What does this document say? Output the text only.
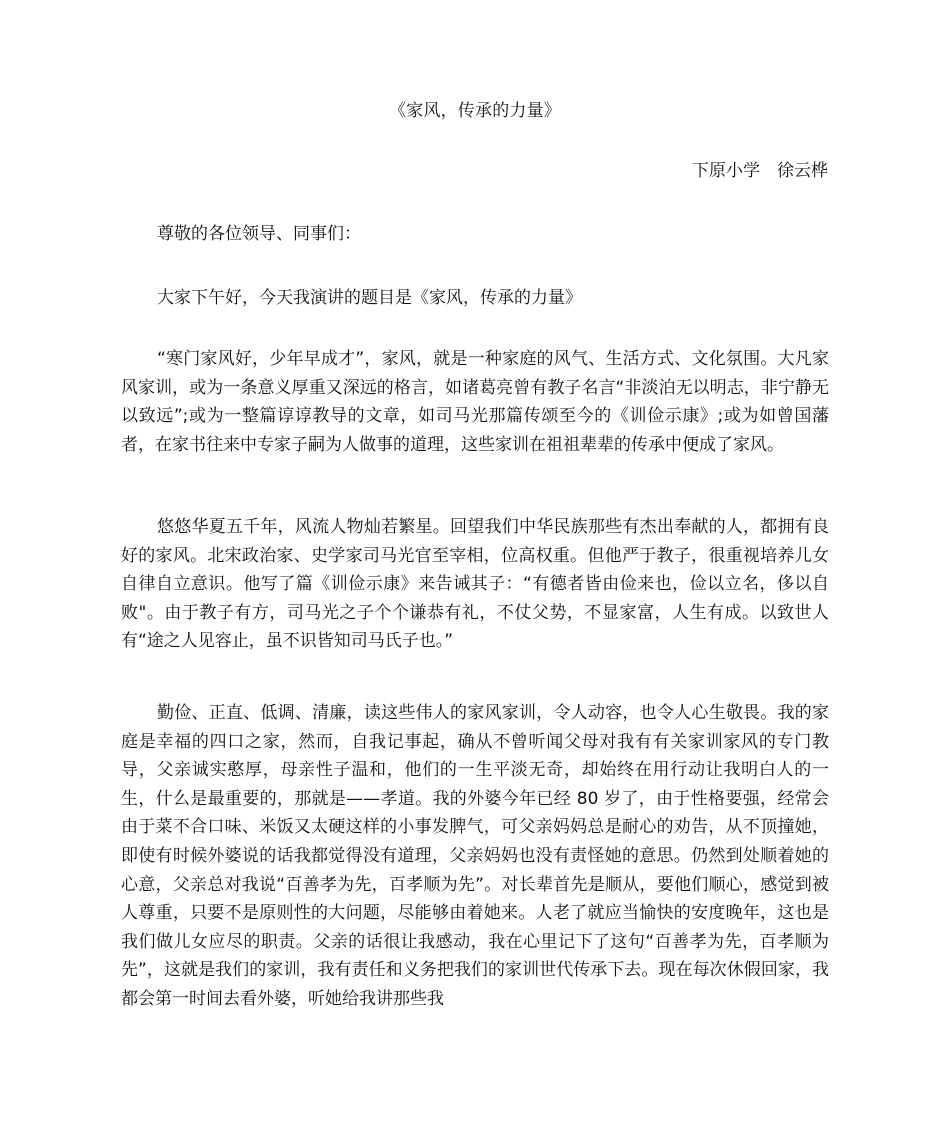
《家风，传承的力量》
下原小学　徐云桦

尊敬的各位领导、同事们：

大家下午好，今天我演讲的题目是《家风，传承的力量》

“寒门家风好，少年早成才”，家风，就是一种家庭的风气、生活方式、文化氛围。大凡家风家训，或为一条意义厚重又深远的格言，如诸葛亮曾有教子名言“非淡泊无以明志，非宁静无以致远”;或为一整篇谆谆教导的文章，如司马光那篇传颂至今的《训俭示康》;或为如曾国藩者，在家书往来中专家子嗣为人做事的道理，这些家训在祖祖辈辈的传承中便成了家风。

悠悠华夏五千年，风流人物灿若繁星。回望我们中华民族那些有杰出奉献的人，都拥有良好的家风。北宋政治家、史学家司马光官至宰相，位高权重。但他严于教子，很重视培养儿女自律自立意识。他写了篇《训俭示康》来告诫其子：“有德者皆由俭来也，俭以立名，侈以自败"。由于教子有方，司马光之子个个谦恭有礼，不仗父势，不显家富，人生有成。以致世人有“途之人见容止，虽不识皆知司马氏子也。”

勤俭、正直、低调、清廉，读这些伟人的家风家训，令人动容，也令人心生敬畏。我的家庭是幸福的四口之家，然而，自我记事起，确从不曾听闻父母对我有有关家训家风的专门教导，父亲诚实憨厚，母亲性子温和，他们的一生平淡无奇，却始终在用行动让我明白人的一生，什么是最重要的，那就是——孝道。我的外婆今年已经 80 岁了，由于性格要强，经常会由于菜不合口味、米饭又太硬这样的小事发脾气，可父亲妈妈总是耐心的劝告，从不顶撞她，即使有时候外婆说的话我都觉得没有道理，父亲妈妈也没有责怪她的意思。仍然到处顺着她的心意，父亲总对我说“百善孝为先，百孝顺为先”。对长辈首先是顺从，要他们顺心，感觉到被人尊重，只要不是原则性的大问题，尽能够由着她来。人老了就应当愉快的安度晚年，这也是我们做儿女应尽的职责。父亲的话很让我感动，我在心里记下了这句“百善孝为先，百孝顺为先”，这就是我们的家训，我有责任和义务把我们的家训世代传承下去。现在每次休假回家，我都会第一时间去看外婆，听她给我讲那些我
